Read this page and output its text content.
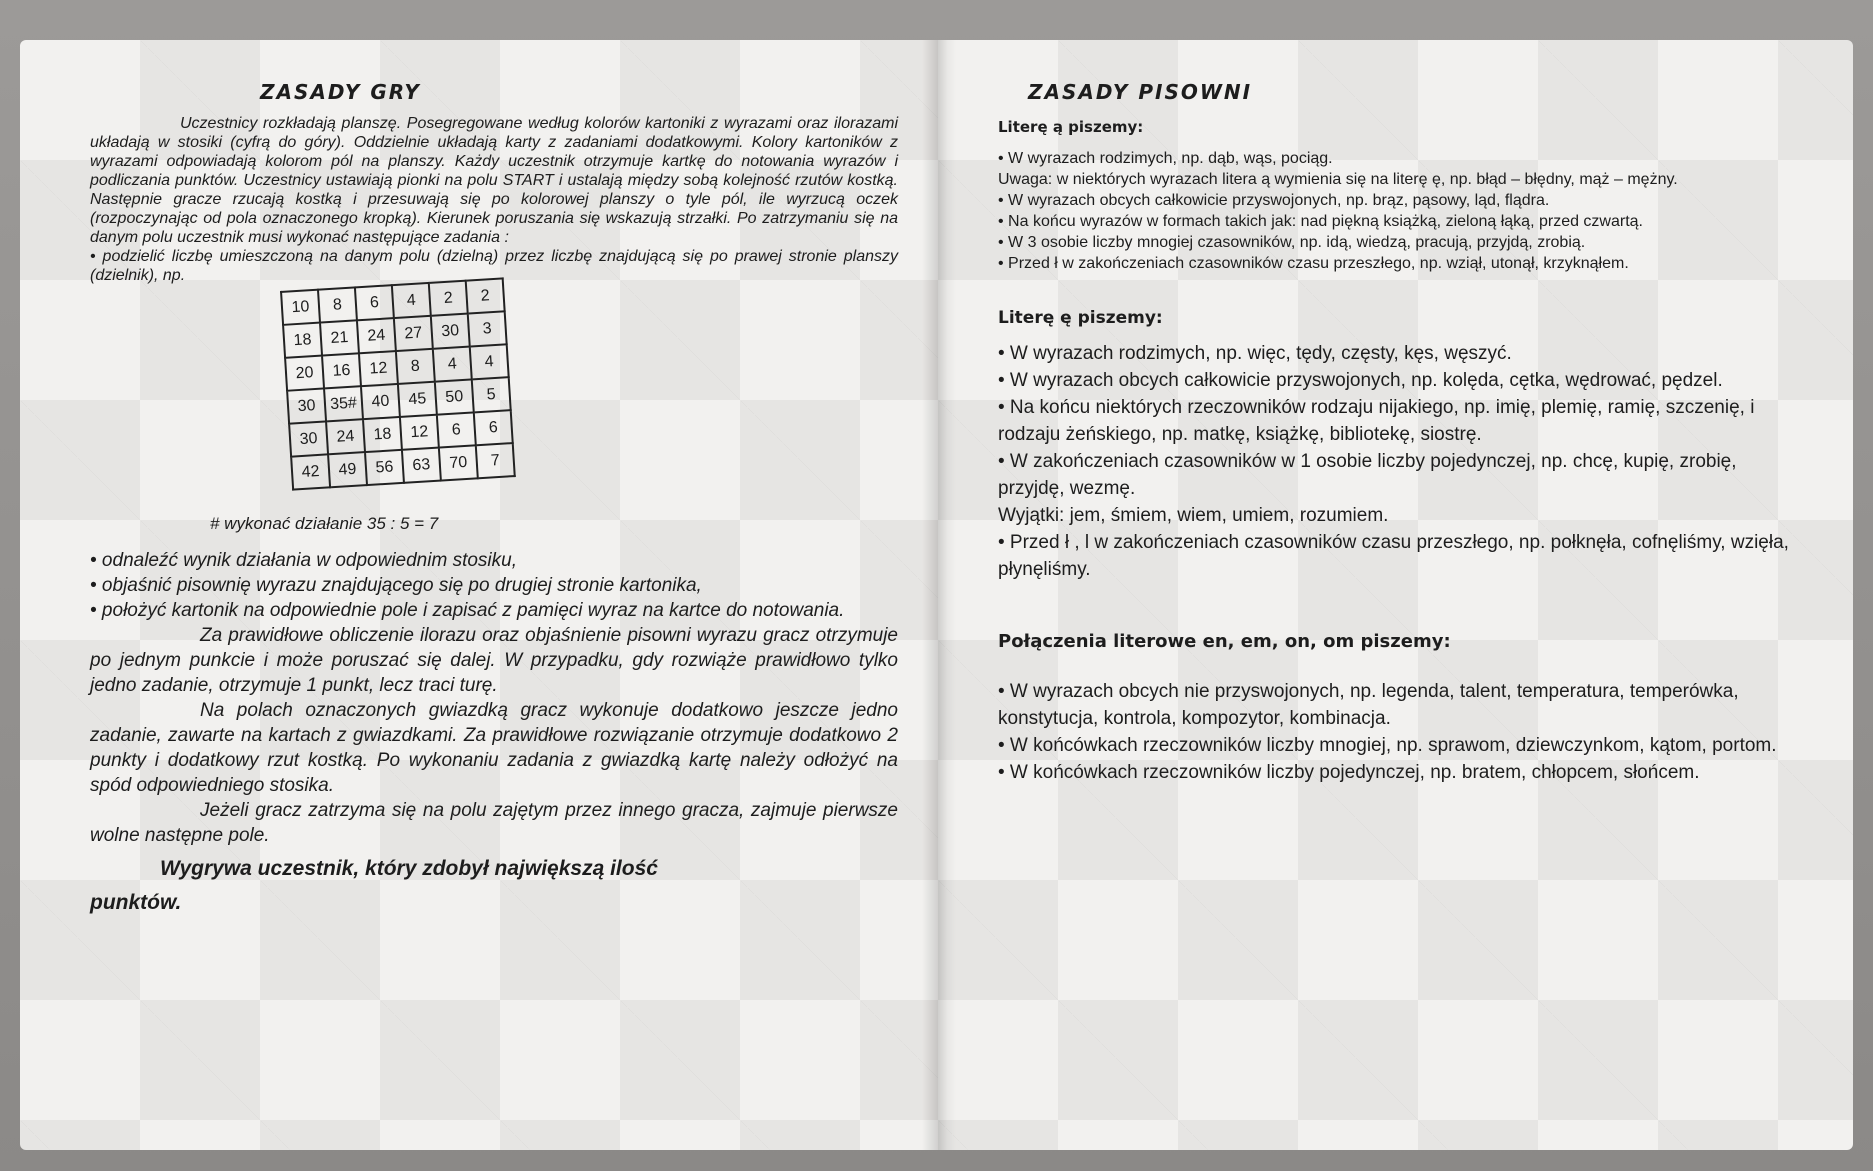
ZASADY GRY

Uczestnicy rozkładają planszę. Posegregowane według kolorów kartoniki z wyrazami oraz ilorazami układają w stosiki (cyfrą do góry). Oddzielnie układają karty z zadaniami dodatkowymi. Kolory kartoników z wyrazami odpowiadają kolorom pól na planszy. Każdy uczestnik otrzymuje kartkę do notowania wyrazów i podliczania punktów. Uczestnicy ustawiają pionki na polu START i ustalają między sobą kolejność rzutów kostką. Następnie gracze rzucają kostką i przesuwają się po kolorowej planszy o tyle pól, ile wyrzucą oczek (rozpoczynając od pola oznaczonego kropką). Kierunek poruszania się wskazują strzałki. Po zatrzymaniu się na danym polu uczestnik musi wykonać następujące zadania :

• podzielić liczbę umieszczoną na danym polu (dzielną) przez liczbę znajdującą się po prawej stronie planszy (dzielnik), np.

10	8	6	4	2	2
18	21	24	27	30	3
20	16	12	8	4	4
30	35#	40	45	50	5
30	24	18	12	6	6
42	49	56	63	70	7
# wykonać działanie 35 : 5 = 7

• odnaleźć wynik działania w odpowiednim stosiku,

• objaśnić pisownię wyrazu znajdującego się po drugiej stronie kartonika,

• położyć kartonik na odpowiednie pole i zapisać z pamięci wyraz na kartce do notowania.

Za prawidłowe obliczenie ilorazu oraz objaśnienie pisowni wyrazu gracz otrzymuje po jednym punkcie i może poruszać się dalej. W przypadku, gdy rozwiąże prawidłowo tylko jedno zadanie, otrzymuje 1 punkt, lecz traci turę.

Na polach oznaczonych gwiazdką gracz wykonuje dodatkowo jeszcze jedno zadanie, zawarte na kartach z gwiazdkami. Za prawidłowe rozwiązanie otrzymuje dodatkowo 2 punkty i dodatkowy rzut kostką. Po wykonaniu zadania z gwiazdką kartę należy odłożyć na spód odpowiedniego stosika.

Jeżeli gracz zatrzyma się na polu zajętym przez innego gracza, zajmuje pierwsze wolne następne pole.

Wygrywa uczestnik, który zdobył największą ilość
punktów.
ZASADY PISOWNI
Literę ą piszemy:

• W wyrazach rodzimych, np. dąb, wąs, pociąg.

Uwaga: w niektórych wyrazach litera ą wymienia się na literę ę, np. błąd – błędny, mąż – mężny.

• W wyrazach obcych całkowicie przyswojonych, np. brąz, pąsowy, ląd, flądra.

• Na końcu wyrazów w formach takich jak: nad piękną książką, zieloną łąką, przed czwartą.

• W 3 osobie liczby mnogiej czasowników, np. idą, wiedzą, pracują, przyjdą, zrobią.

• Przed ł w zakończeniach czasowników czasu przeszłego, np. wziął, utonął, krzyknąłem.

Literę ę piszemy:

• W wyrazach rodzimych, np. więc, tędy, częsty, kęs, węszyć.

• W wyrazach obcych całkowicie przyswojonych, np. kolęda, cętka, wędrować, pędzel.

• Na końcu niektórych rzeczowników rodzaju nijakiego, np. imię, plemię, ramię, szczenię, i rodzaju żeńskiego, np. matkę, książkę, bibliotekę, siostrę.

• W zakończeniach czasowników w 1 osobie liczby pojedynczej, np. chcę, kupię, zrobię, przyjdę, wezmę.

Wyjątki: jem, śmiem, wiem, umiem, rozumiem.

• Przed ł , l w zakończeniach czasowników czasu przeszłego, np. połknęła, cofnęliśmy, wzięła, płynęliśmy.

Połączenia literowe en, em, on, om piszemy:

• W wyrazach obcych nie przyswojonych, np. legenda, talent, temperatura, temperówka, konstytucja, kontrola, kompozytor, kombinacja.

• W końcówkach rzeczowników liczby mnogiej, np. sprawom, dziewczynkom, kątom, portom.

• W końcówkach rzeczowników liczby pojedynczej, np. bratem, chłopcem, słońcem.
